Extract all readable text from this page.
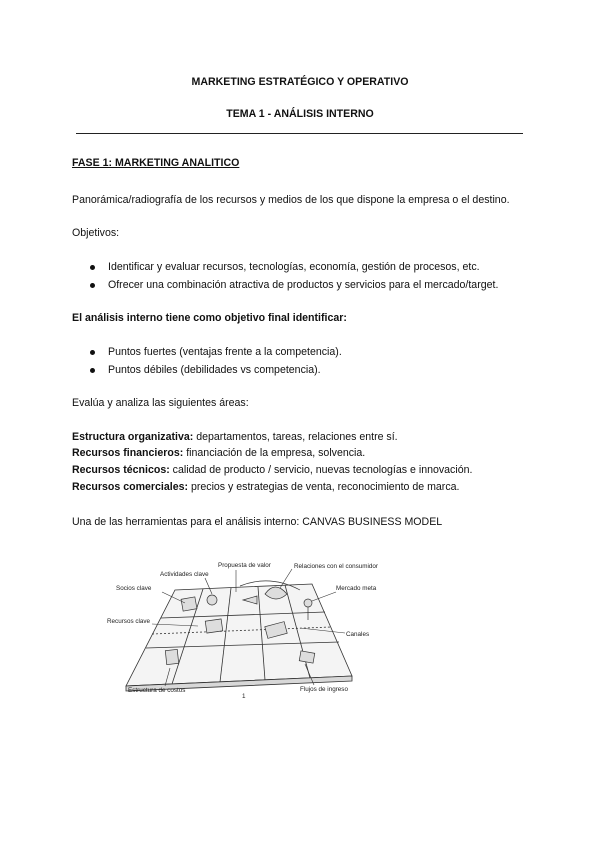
MARKETING ESTRATÉGICO Y OPERATIVO
TEMA 1 - ANÁLISIS INTERNO
FASE 1: MARKETING ANALITICO
Panorámica/radiografía de los recursos y medios de los que dispone la empresa o el destino.
Objetivos:
Identificar y evaluar recursos, tecnologías, economía, gestión de procesos, etc.
Ofrecer una combinación atractiva de productos y servicios para el mercado/target.
El análisis interno tiene como objetivo final identificar:
Puntos fuertes (ventajas frente a la competencia).
Puntos débiles (debilidades vs competencia).
Evalúa y analiza las siguientes áreas:
Estructura organizativa: departamentos, tareas, relaciones entre sí.
Recursos financieros: financiación de la empresa, solvencia.
Recursos técnicos: calidad de producto / servicio, nuevas tecnologías e innovación.
Recursos comerciales: precios y estrategias de venta, reconocimiento de marca.
Una de las herramientas para el análisis interno: CANVAS BUSINESS MODEL
Propuesta de valor
Actividades clave
Relaciones con el consumidor
Socios clave	Mercado meta
Recursos clave
Canales
Estructura de costos	Flujos de ingreso
1
